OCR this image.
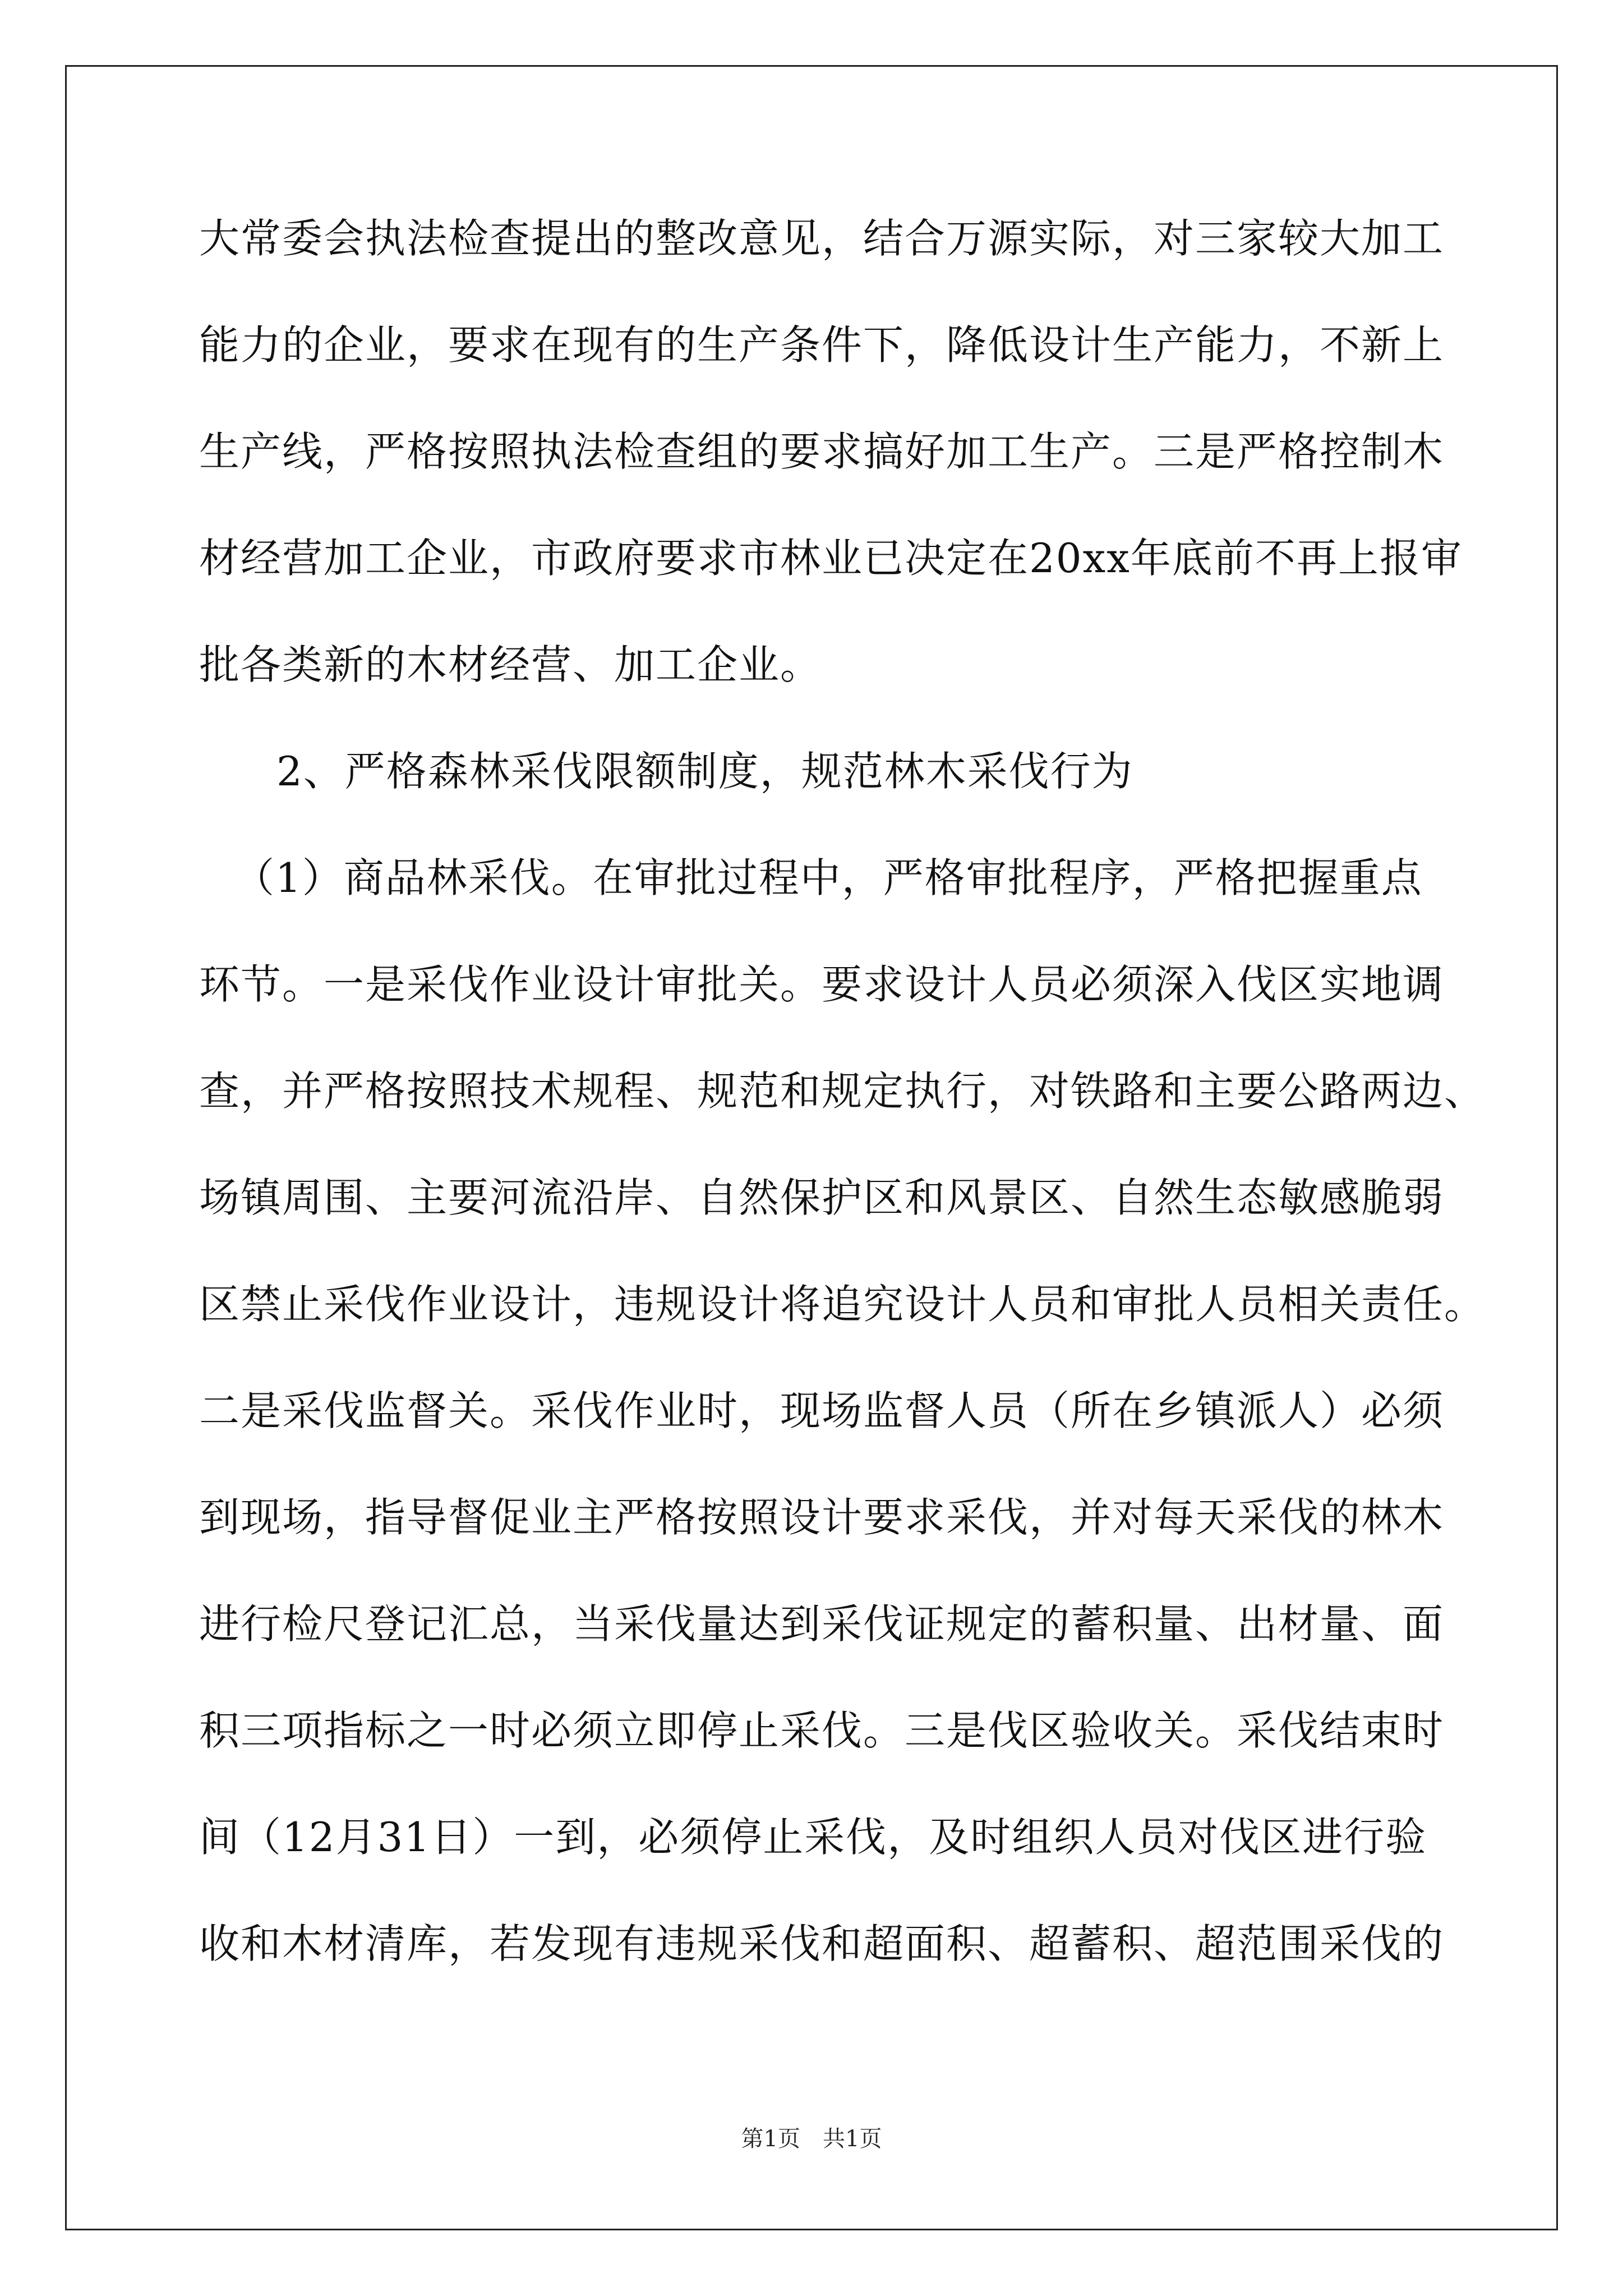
大常委会执法检查提出的整改意见，结合万源实际，对三家较大加工
能力的企业，要求在现有的生产条件下，降低设计生产能力，不新上
生产线，严格按照执法检查组的要求搞好加工生产。三是严格控制木
材经营加工企业，市政府要求市林业已决定在20xx年底前不再上报审
批各类新的木材经营、加工企业。
2、严格森林采伐限额制度，规范林木采伐行为
（1）商品林采伐。在审批过程中，严格审批程序，严格把握重点
环节。一是采伐作业设计审批关。要求设计人员必须深入伐区实地调
查，并严格按照技术规程、规范和规定执行，对铁路和主要公路两边、
场镇周围、主要河流沿岸、自然保护区和风景区、自然生态敏感脆弱
区禁止采伐作业设计，违规设计将追究设计人员和审批人员相关责任。
二是采伐监督关。采伐作业时，现场监督人员（所在乡镇派人）必须
到现场，指导督促业主严格按照设计要求采伐，并对每天采伐的林木
进行检尺登记汇总，当采伐量达到采伐证规定的蓄积量、出材量、面
积三项指标之一时必须立即停止采伐。三是伐区验收关。采伐结束时
间（12月31日）一到，必须停止采伐，及时组织人员对伐区进行验
收和木材清库，若发现有违规采伐和超面积、超蓄积、超范围采伐的
第1页　共1页
